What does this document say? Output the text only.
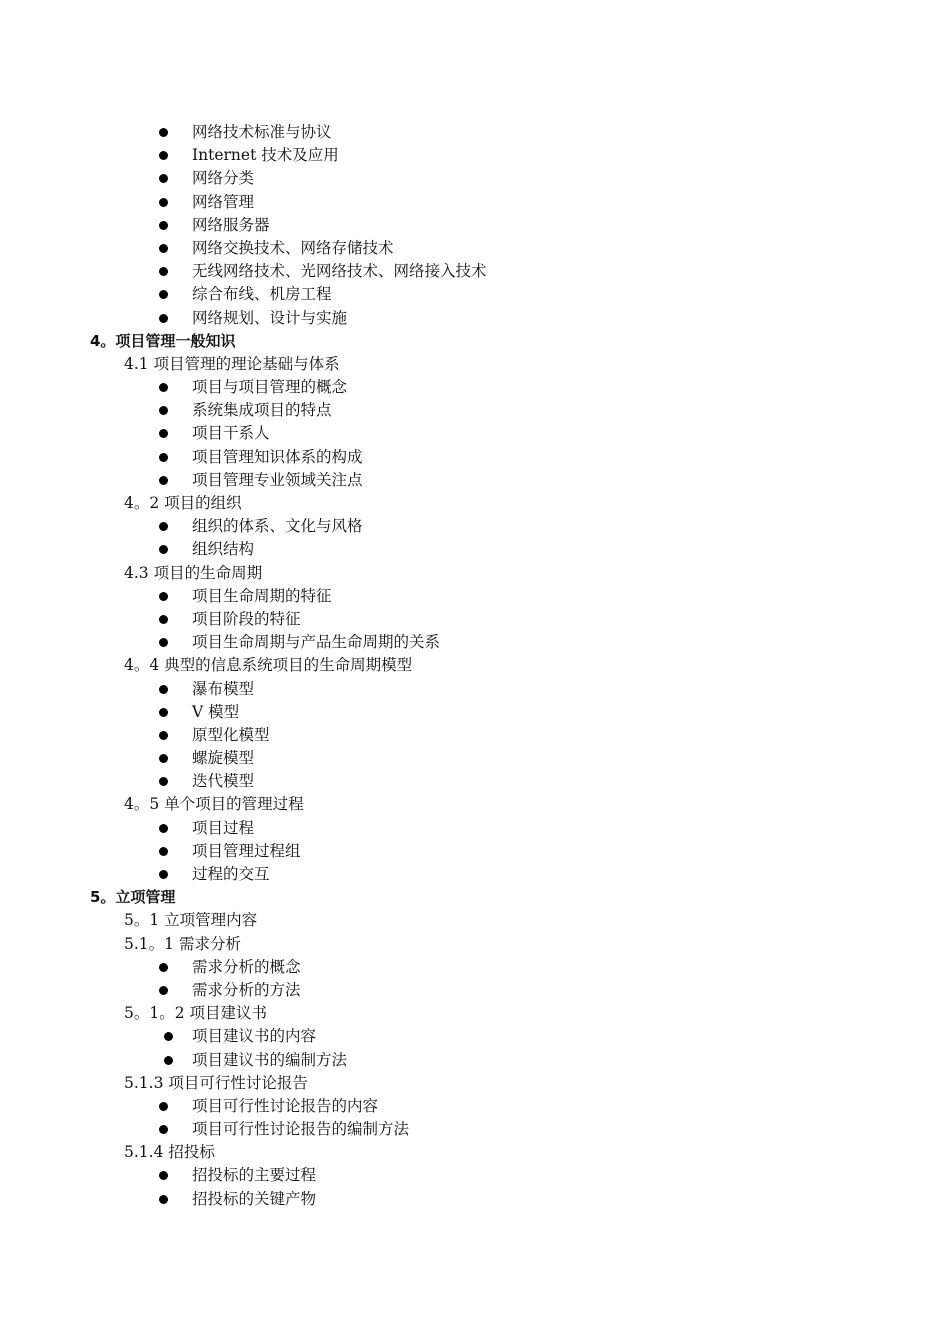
网络技术标准与协议
Internet 技术及应用
网络分类
网络管理
网络服务器
网络交换技术、网络存储技术
无线网络技术、光网络技术、网络接入技术
综合布线、机房工程
网络规划、设计与实施
4。项目管理一般知识
4.1 项目管理的理论基础与体系
项目与项目管理的概念
系统集成项目的特点
项目干系人
项目管理知识体系的构成
项目管理专业领域关注点
4。2 项目的组织
组织的体系、文化与风格
组织结构
4.3 项目的生命周期
项目生命周期的特征
项目阶段的特征
项目生命周期与产品生命周期的关系
4。4 典型的信息系统项目的生命周期模型
瀑布模型
V 模型
原型化模型
螺旋模型
迭代模型
4。5 单个项目的管理过程
项目过程
项目管理过程组
过程的交互
5。立项管理
5。1 立项管理内容
5.1。1 需求分析
需求分析的概念
需求分析的方法
5。1。2 项目建议书
项目建议书的内容
项目建议书的编制方法
5.1.3 项目可行性讨论报告
项目可行性讨论报告的内容
项目可行性讨论报告的编制方法
5.1.4 招投标
招投标的主要过程
招投标的关键产物
